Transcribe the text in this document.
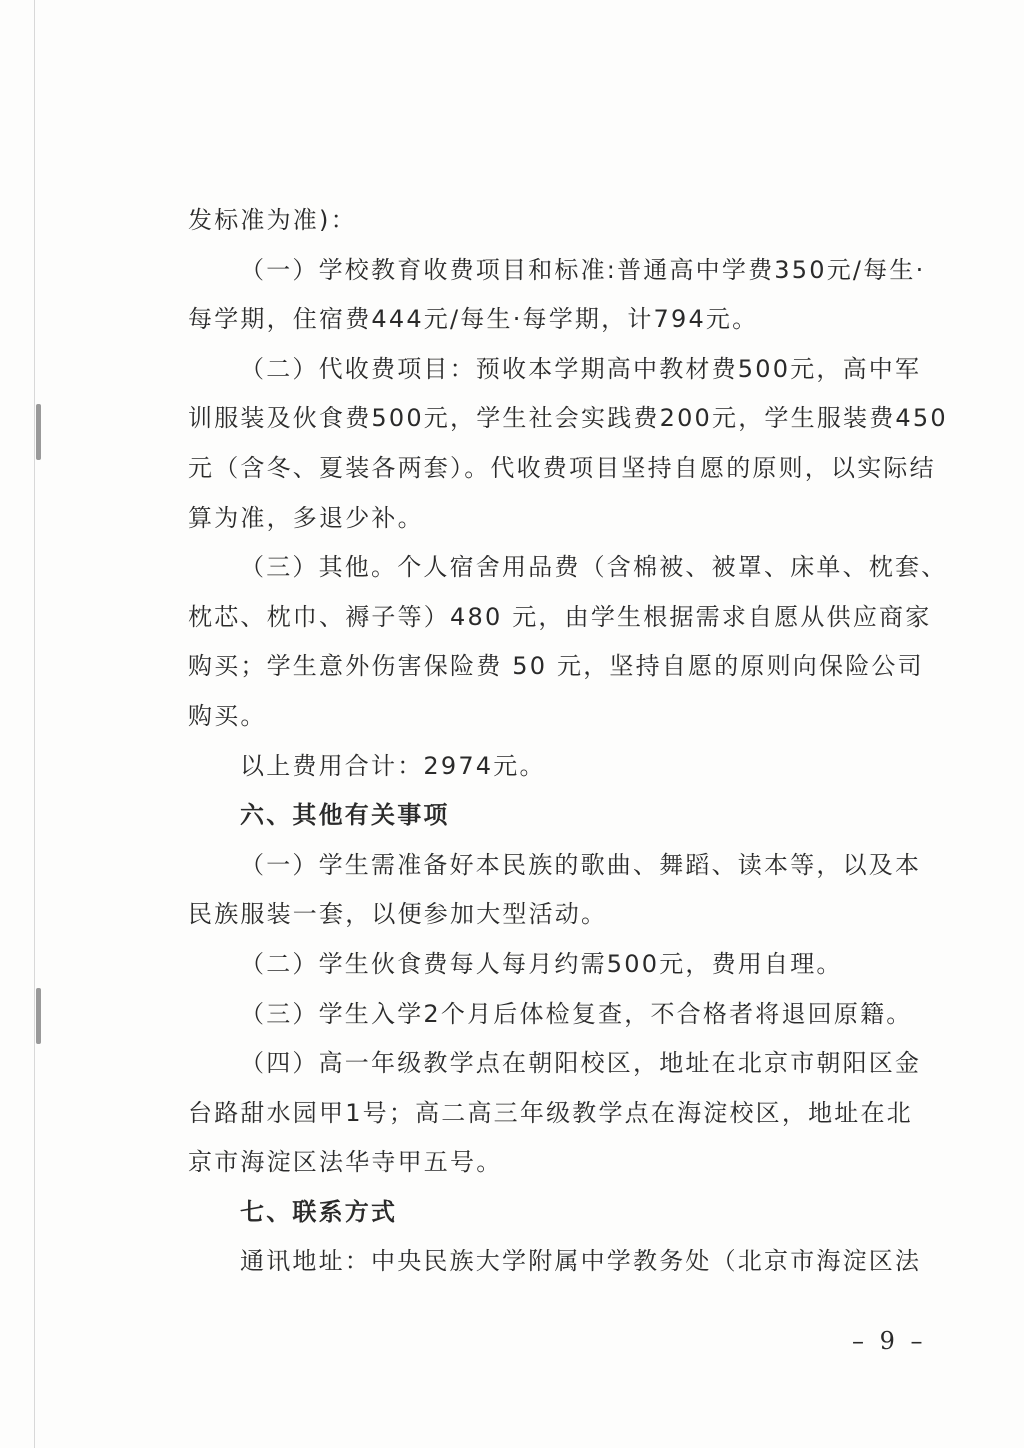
发标准为准)：
（一）学校教育收费项目和标准:普通高中学费350元/每生·
每学期，住宿费444元/每生·每学期，计794元。
（二）代收费项目：预收本学期高中教材费500元，高中军
训服装及伙食费500元，学生社会实践费200元，学生服装费450
元（含冬、夏装各两套）。代收费项目坚持自愿的原则，以实际结
算为准，多退少补。
（三）其他。个人宿舍用品费（含棉被、被罩、床单、枕套、
枕芯、枕巾、褥子等）480 元，由学生根据需求自愿从供应商家
购买；学生意外伤害保险费 50 元，坚持自愿的原则向保险公司
购买。
以上费用合计：2974元。
六、其他有关事项
（一）学生需准备好本民族的歌曲、舞蹈、读本等，以及本
民族服装一套，以便参加大型活动。
（二）学生伙食费每人每月约需500元，费用自理。
（三）学生入学2个月后体检复查，不合格者将退回原籍。
（四）高一年级教学点在朝阳校区，地址在北京市朝阳区金
台路甜水园甲1号；高二高三年级教学点在海淀校区，地址在北
京市海淀区法华寺甲五号。
七、联系方式
通讯地址：中央民族大学附属中学教务处（北京市海淀区法
– 9 –
